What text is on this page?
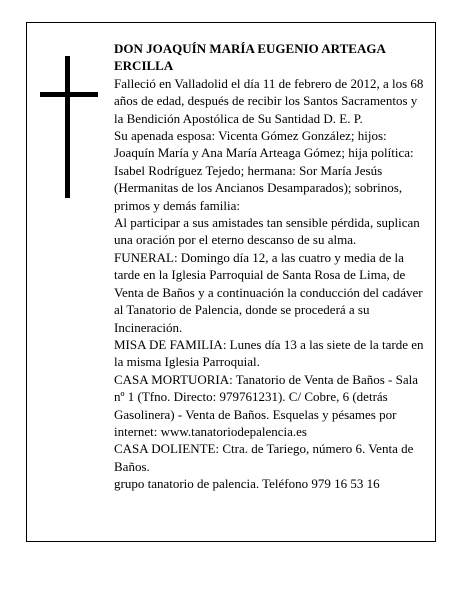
DON JOAQUÍN MARÍA EUGENIO ARTEAGA ERCILLA

Falleció en Valladolid el día 11 de febrero de 2012, a los 68 años de edad, después de recibir los Santos Sacramentos y la Bendición Apostólica de Su Santidad D. E. P.

Su apenada esposa: Vicenta Gómez González; hijos: Joaquín María y Ana María Arteaga Gómez; hija política: Isabel Rodríguez Tejedo; hermana: Sor María Jesús (Hermanitas de los Ancianos Desamparados); sobrinos, primos y demás familia:

Al participar a sus amistades tan sensible pérdida, suplican una oración por el eterno descanso de su alma.

FUNERAL: Domingo día 12, a las cuatro y media de la tarde en la Iglesia Parroquial de Santa Rosa de Lima, de Venta de Baños y a continuación la conducción del cadáver al Tanatorio de Palencia, donde se procederá a su Incineración.

MISA DE FAMILIA: Lunes día 13 a las siete de la tarde en la misma Iglesia Parroquial.

CASA MORTUORIA: Tanatorio de Venta de Baños - Sala nº 1 (Tfno. Directo: 979761231). C/ Cobre, 6 (detrás Gasolinera) - Venta de Baños. Esquelas y pésames por internet: www.tanatoriodepalencia.es

CASA DOLIENTE: Ctra. de Tariego, número 6. Venta de Baños.

grupo tanatorio de palencia. Teléfono 979 16 53 16
